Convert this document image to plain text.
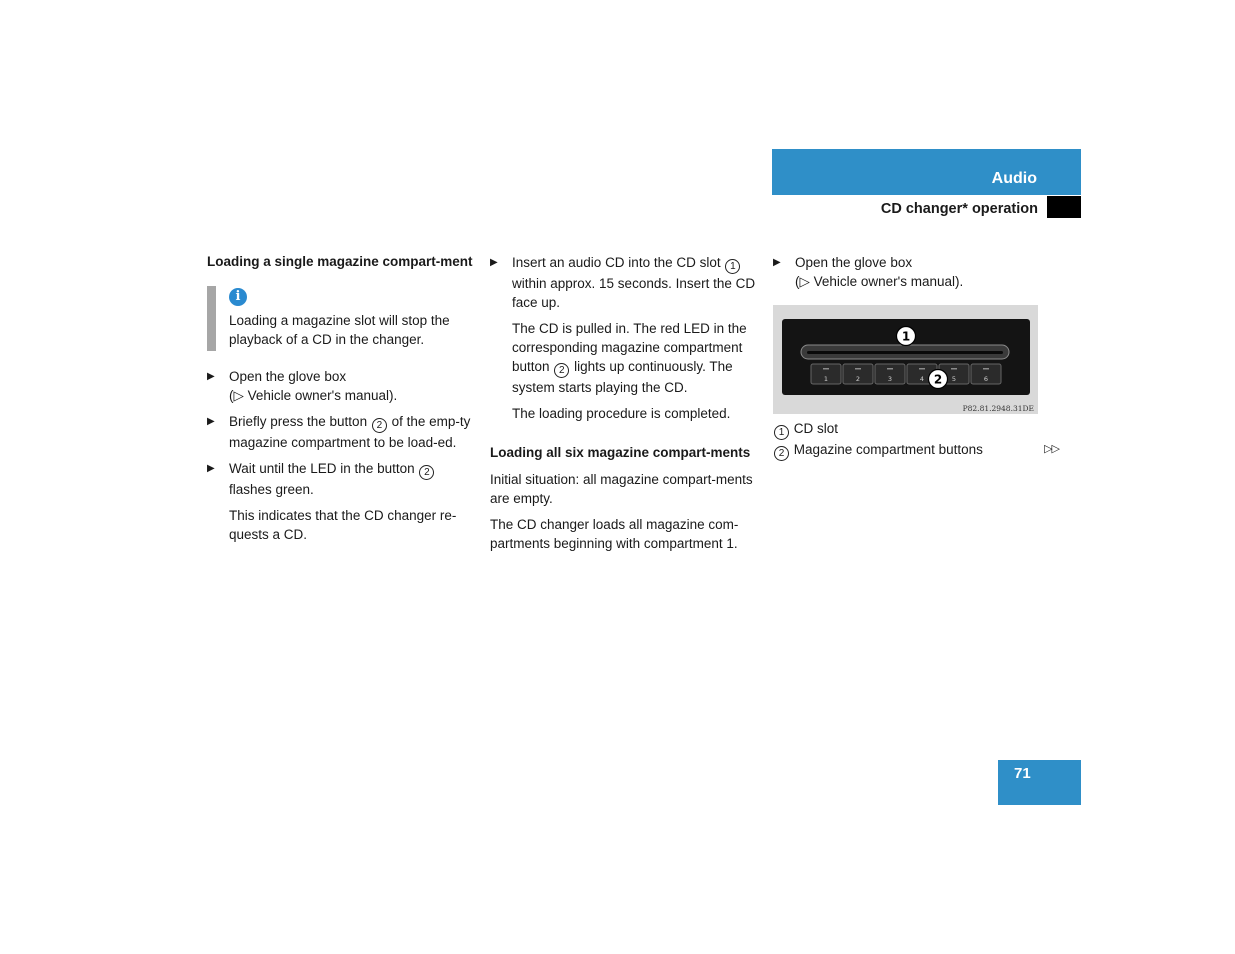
Audio
CD changer* operation
Loading a single magazine compart-ment
i

Loading a magazine slot will stop the playback of a CD in the changer.

▶ Open the glove box
(▷ Vehicle owner's manual).
▶ Briefly press the button 2 of the emp-ty magazine compartment to be load-ed.
▶ Wait until the LED in the button 2 flashes green.

This indicates that the CD changer re-quests a CD.

▶ Insert an audio CD into the CD slot 1 within approx. 15 seconds. Insert the CD face up.

The CD is pulled in. The red LED in the corresponding magazine compartment button 2 lights up continuously. The system starts playing the CD.

The loading procedure is completed.

Loading all six magazine compart-ments

Initial situation: all magazine compart-ments are empty.

The CD changer loads all magazine com-partments beginning with compartment 1.

▶ Open the glove box
(▷ Vehicle owner's manual).
1	2	3	4	5	6
1
2
P82.81.2948.31DE
1 CD slot
2 Magazine compartment buttons	▷▷
71
